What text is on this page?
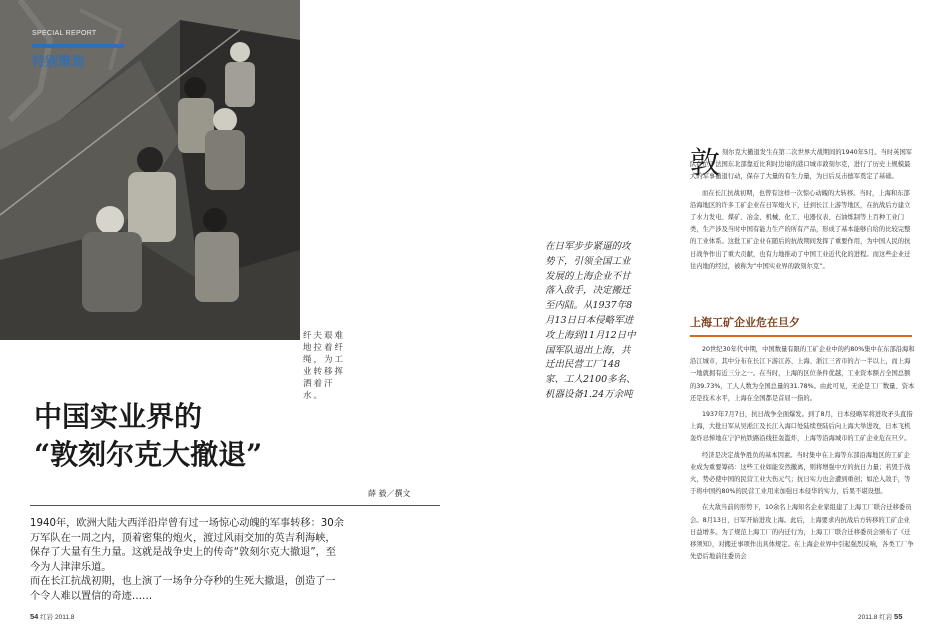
SPECIAL REPORT
特别策划
纤夫艰难地拉着纤绳，为工业转移挥洒着汗水。
中国实业界的
“敦刻尔克大撤退”
薛 毅／撰文

1940年，欧洲大陆大西洋沿岸曾有过一场惊心动魄的军事转移：30余万军队在一周之内，顶着密集的炮火，渡过风雨交加的英吉利海峡，保存了大量有生力量。这就是战争史上的传奇“敦刻尔克大撤退”，至今为人津津乐道。

而在长江抗战初期，也上演了一场争分夺秒的生死大撤退，创造了一个令人难以置信的奇迹……

54 红岩 2011.8
在日军步步紧逼的攻势下，引领全国工业发展的上海企业不甘落入敌手，决定搬迁至内陆。从1937年8月13日日本侵略军进攻上海到11月12日中国军队退出上海，共迁出民营工厂148家、工人2100多名、机器设备1.24万余吨
敦 刻尔克大撤退发生在第二次世界大战期间的1940年5月。当时英国军队在位于法国东北部靠近比利时边境的港口城市敦刻尔克，进行了历史上规模最大的军事撤退行动，保存了大量的有生力量，为日后反击德军奠定了基础。

而在长江抗战初期，也曾有这样一次惊心动魄的大转移。当时，上海和东部沿海地区的许多工矿企业在日军炮火下，迁到长江上游等地区，在抗战后方建立了水力发电、煤矿、冶金、机械、化工、电器仪表、石油炼制等上百种工业门类，生产涉及当时中国有能力生产的所有产品，形成了基本能够自给的比较完整的工业体系。这批工矿企业在随后的抗战期间发挥了重要作用，为中国人民的抗日战争作出了重大贡献，也有力地推动了中国工业近代化的进程。而这些企业迁往内地的经过，被称为“中国实业界的敦刻尔克”。

上海工矿企业危在旦夕

20世纪30年代中期，中国数量有限的工矿企业中的约80%集中在东部沿海和沿江城市，其中分布在长江下游江苏、上海、浙江三省市的占一半以上，而上海一地就拥有近三分之一。在当时，上海的区位条件优越，工业资本额占全国总额的39.73%，工人人数为全国总量的31.78%。由此可见，无论是工厂数量、资本还是技术水平，上海在全国都是首屈一指的。

1937年7月7日，抗日战争全面爆发。到了8月，日本侵略军将进攻矛头直指上海，大批日军从吴淞江及长江入海口处陆续登陆后向上海大举进攻，日本飞机轰炸忌惮地在宁沪杭铁路沿线狂轰滥炸，上海等沿海城市的工矿企业危在旦夕。

经济是决定战争胜负的基本因素。当时集中在上海等东部沿海地区的工矿企业成为重要筹码：这些工业如能安然撤离，则将增强中方的抗日力量；若毁于战火，势必使中国的民营工业大伤元气；抗日实力也会遭到重创；如沦入敌手，等于将中国约80%的民营工业用来加强日本侵华的实力，后果不堪设想。

在大敌当前的形势下，10余名上海知名企业家组建了上海工厂联合迁移委员会。8月13日，日军开始进攻上海。此后，上海要求内抗战后方转移的工矿企业日益增多。为了规范上海工厂的内迁行为，上海工厂联合迁移委员会颁布了《迁移须知》，对搬迁事项作出具体规定。在上海企业界中引起强烈反响，各类工厂争先恐后地前往委员会

2011.8 红岩 55
